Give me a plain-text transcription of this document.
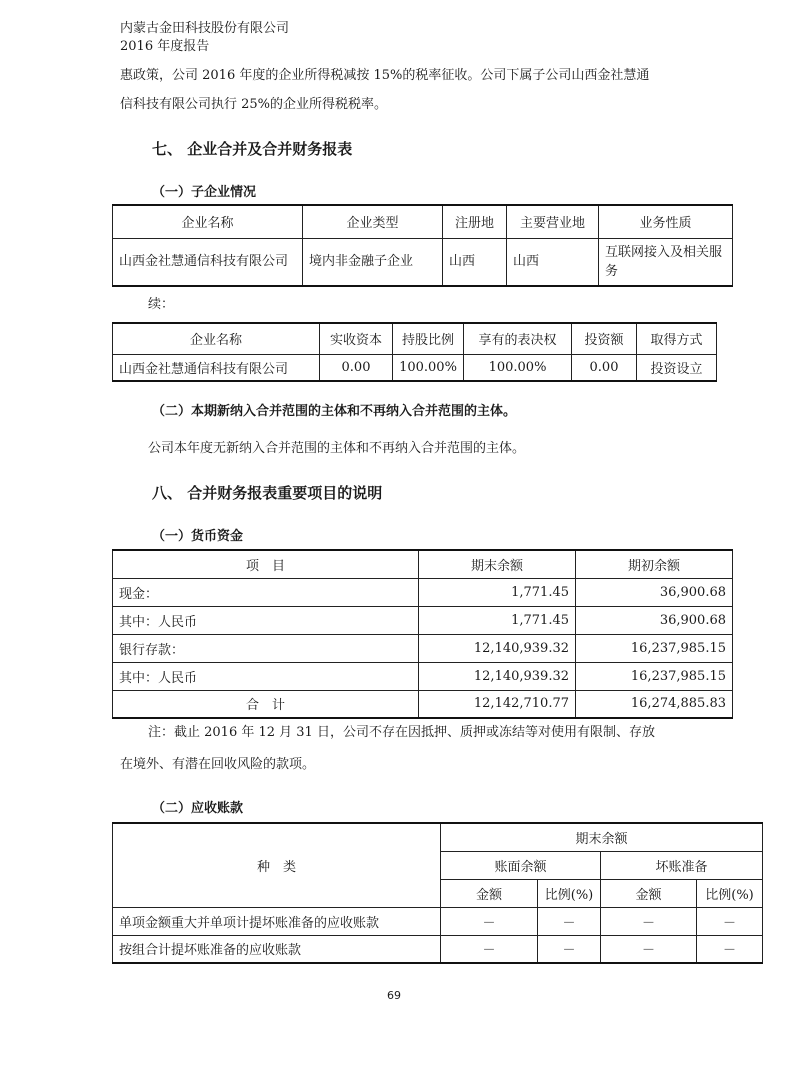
内蒙古金田科技股份有限公司
2016 年度报告
惠政策，公司 2016 年度的企业所得税减按 15%的税率征收。公司下属子公司山西金社慧通
信科技有限公司执行 25%的企业所得税税率。
七、 企业合并及合并财务报表
（一）子企业情况
企业名称	企业类型	注册地	主要营业地	业务性质
山西金社慧通信科技有限公司	境内非金融子企业	山西	山西	互联网接入及相关服务
续：
企业名称	实收资本	持股比例	享有的表决权	投资额	取得方式
山西金社慧通信科技有限公司	0.00	100.00%	100.00%	0.00	投资设立
（二）本期新纳入合并范围的主体和不再纳入合并范围的主体。
公司本年度无新纳入合并范围的主体和不再纳入合并范围的主体。
八、 合并财务报表重要项目的说明
（一）货币资金
项　目	期末余额	期初余额
现金：	1,771.45	36,900.68
其中：人民币	1,771.45	36,900.68
银行存款：	12,140,939.32	16,237,985.15
其中：人民币	12,140,939.32	16,237,985.15
合　计	12,142,710.77	16,274,885.83
注：截止 2016 年 12 月 31 日，公司不存在因抵押、质押或冻结等对使用有限制、存放
在境外、有潜在回收风险的款项。
（二）应收账款
种　类	期末余额			
	账面余额		坏账准备	
	金额	比例(%)	金额	比例(%)
单项金额重大并单项计提坏账准备的应收账款	－	－	－	－
按组合计提坏账准备的应收账款	－	－	－	－
69
